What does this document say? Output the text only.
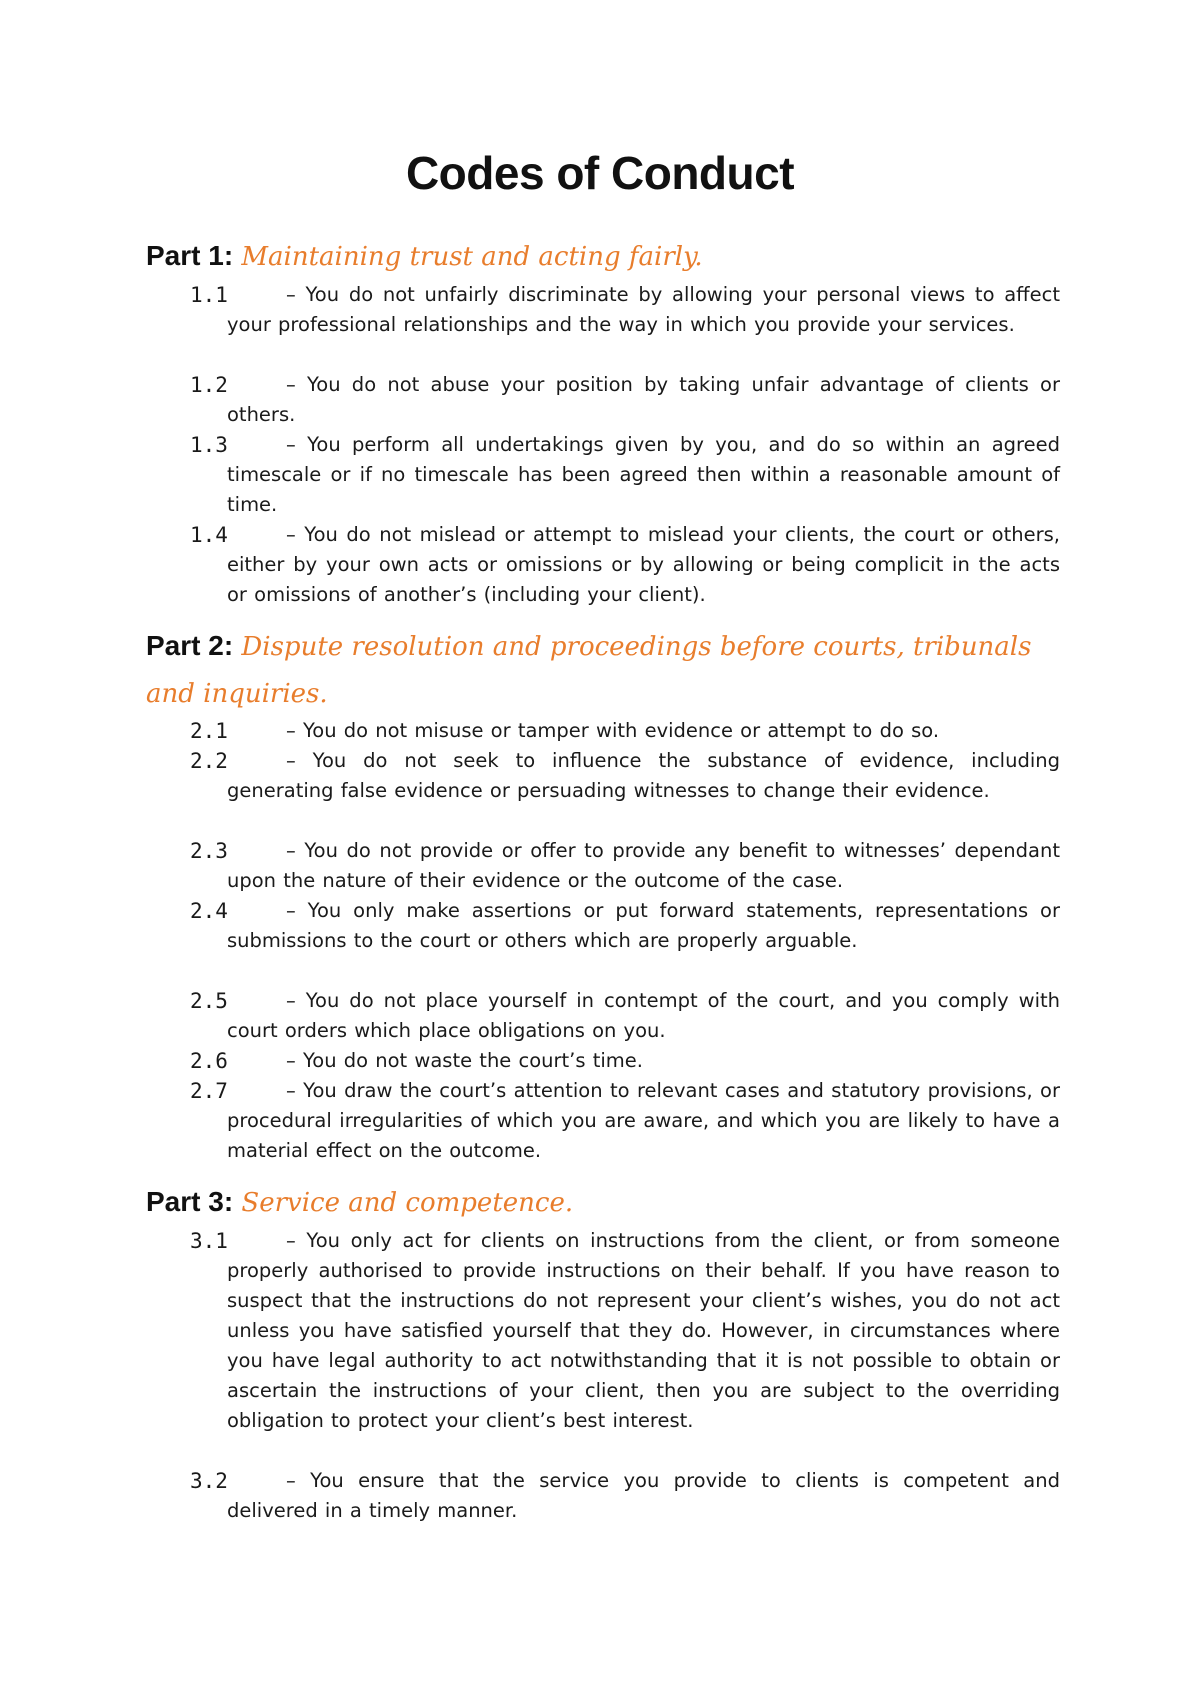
Codes of Conduct
Part 1: Maintaining trust and acting fairly.
1.1	– You do not unfairly discriminate by allowing your personal views to affect your professional relationships and the way in which you provide your services.
1.2	– You do not abuse your position by taking unfair advantage of clients or others.
1.3	– You perform all undertakings given by you, and do so within an agreed timescale or if no timescale has been agreed then within a reasonable amount of time.
1.4	– You do not mislead or attempt to mislead your clients, the court or others, either by your own acts or omissions or by allowing or being complicit in the acts or omissions of another’s (including your client).
Part 2: Dispute resolution and proceedings before courts, tribunals and inquiries.
2.1	– You do not misuse or tamper with evidence or attempt to do so.
2.2	– You do not seek to influence the substance of evidence, including generating false evidence or persuading witnesses to change their evidence.
2.3	– You do not provide or offer to provide any benefit to witnesses’ dependant upon the nature of their evidence or the outcome of the case.
2.4	– You only make assertions or put forward statements, representations or submissions to the court or others which are properly arguable.
2.5	– You do not place yourself in contempt of the court, and you comply with court orders which place obligations on you.
2.6	– You do not waste the court’s time.
2.7	– You draw the court’s attention to relevant cases and statutory provisions, or procedural irregularities of which you are aware, and which you are likely to have a material effect on the outcome.
Part 3: Service and competence.
3.1	– You only act for clients on instructions from the client, or from someone properly authorised to provide instructions on their behalf. If you have reason to suspect that the instructions do not represent your client’s wishes, you do not act unless you have satisfied yourself that they do. However, in circumstances where you have legal authority to act notwithstanding that it is not possible to obtain or ascertain the instructions of your client, then you are subject to the overriding obligation to protect your client’s best interest.
3.2	– You ensure that the service you provide to clients is competent and delivered in a timely manner.
